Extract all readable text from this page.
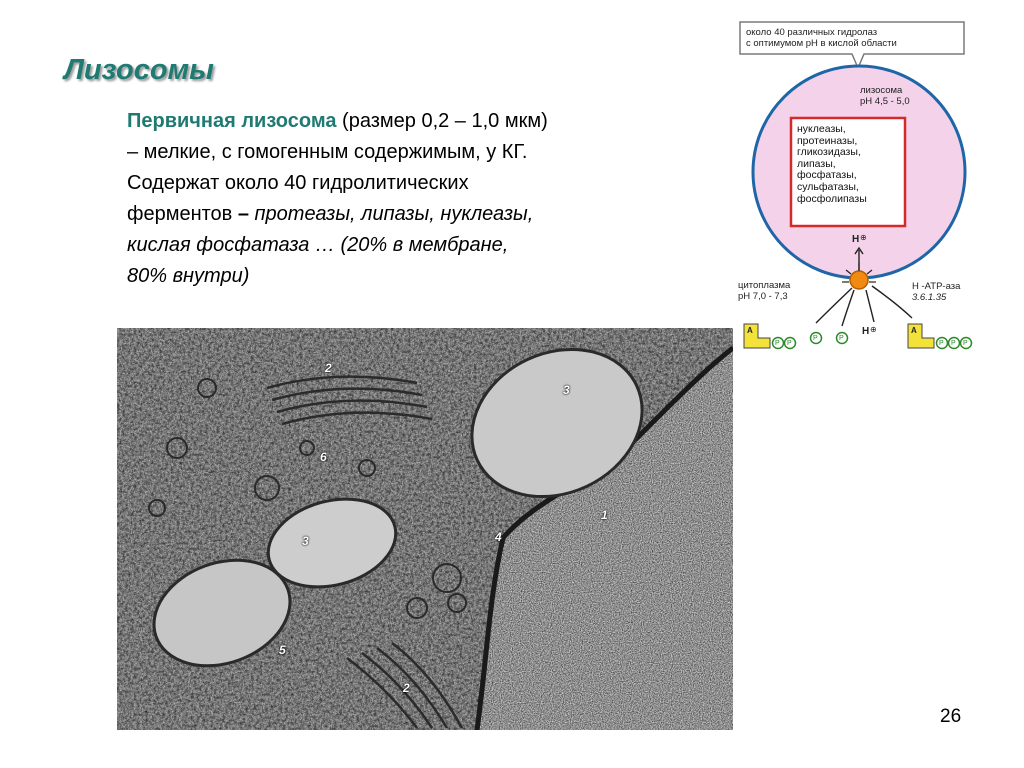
Лизосомы
Первичная лизосома (размер 0,2 – 1,0 мкм)
– мелкие, с гомогенным содержимым, у КГ.
Содержат около 40 гидролитических
ферментов – протеазы, липазы, нуклеазы,
кислая фосфатаза … (20% в мембране,
80% внутри)
2
3
6
3	4
1
5
2
около 40 различных гидролаз
с оптимумом pH в кислой области
лизосома
pH 4,5 - 5,0
цитоплазма
pH 7,0 - 7,3
H ⊕
H ⊕
H -ATP-аза
3.6.1.35
A	A
P P
P	P
P P P
нуклеазы,
протеиназы,
гликозидазы,
липазы,
фосфатазы,
сульфатазы,
фосфолипазы
26
